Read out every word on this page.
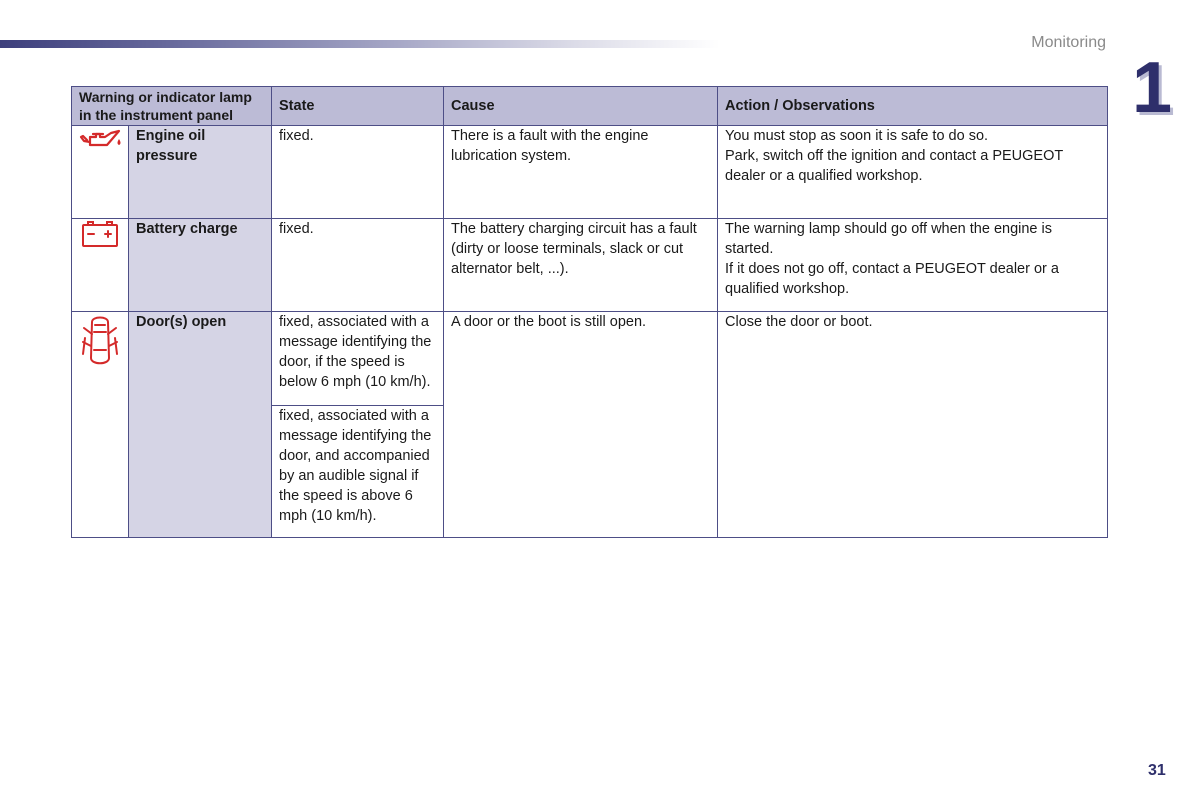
Monitoring
1
Warning or indicator lamp in the instrument panel		State	Cause	Action / Observations

	Engine oil pressure	fixed.	There is a fault with the engine lubrication system.	You must stop as soon it is safe to do so.

Park, switch off the ignition and contact a PEUGEOT dealer or a qualified workshop.

	Battery charge	fixed.	The battery charging circuit has a fault (dirty or loose terminals, slack or cut alternator belt, ...).	The warning lamp should go off when the engine is started.

If it does not go off, contact a PEUGEOT dealer or a qualified workshop.

	Door(s) open	fixed, associated with a message identifying the door, if the speed is below 6 mph (10 km/h).	A door or the boot is still open.	Close the door or boot.

		fixed, associated with a message identifying the door, and accompanied by an audible signal if the speed is above 6 mph (10 km/h).		
31
